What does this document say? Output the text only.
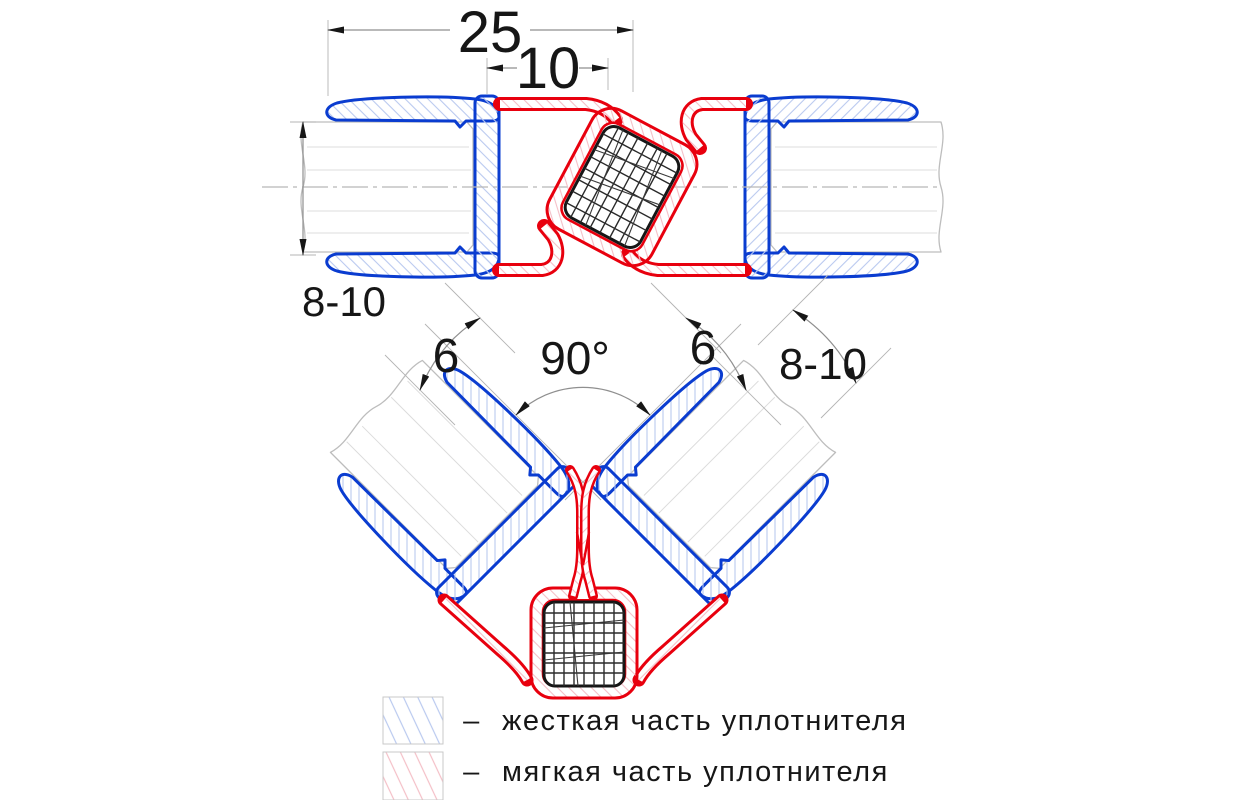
25
10
8-10
6 90° 6 8-10
– жесткая часть уплотнителя
– мягкая часть уплотнителя
